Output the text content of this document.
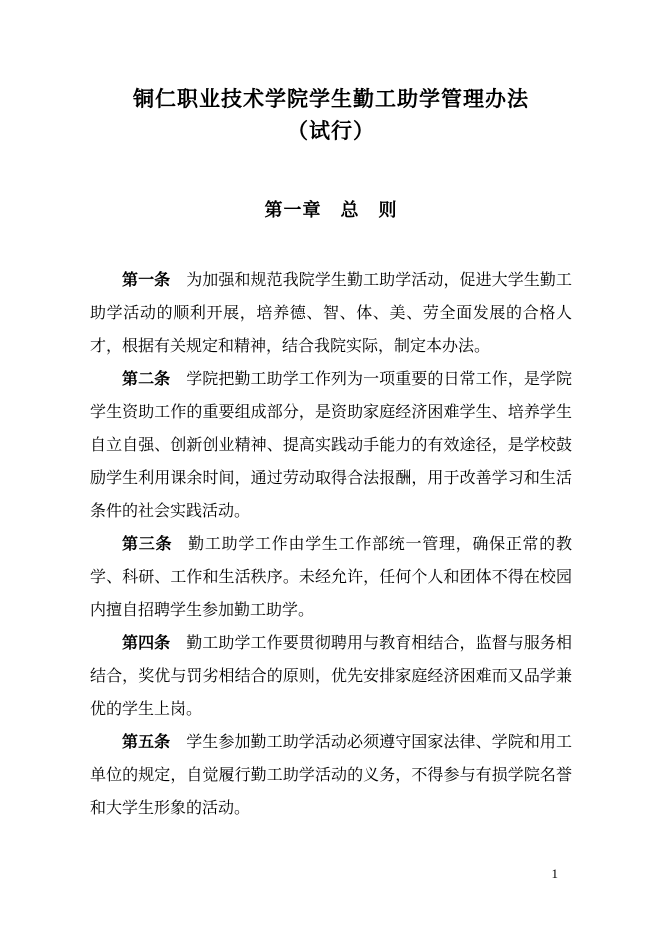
铜仁职业技术学院学生勤工助学管理办法
（试行）
第一章　总　则

第一条 为加强和规范我院学生勤工助学活动，促进大学生勤工助学活动的顺利开展，培养德、智、体、美、劳全面发展的合格人才，根据有关规定和精神，结合我院实际，制定本办法。

第二条 学院把勤工助学工作列为一项重要的日常工作，是学院学生资助工作的重要组成部分，是资助家庭经济困难学生、培养学生自立自强、创新创业精神、提高实践动手能力的有效途径，是学校鼓励学生利用课余时间，通过劳动取得合法报酬，用于改善学习和生活条件的社会实践活动。

第三条 勤工助学工作由学生工作部统一管理，确保正常的教学、科研、工作和生活秩序。未经允许，任何个人和团体不得在校园内擅自招聘学生参加勤工助学。

第四条 勤工助学工作要贯彻聘用与教育相结合，监督与服务相结合，奖优与罚劣相结合的原则，优先安排家庭经济困难而又品学兼优的学生上岗。

第五条 学生参加勤工助学活动必须遵守国家法律、学院和用工单位的规定，自觉履行勤工助学活动的义务，不得参与有损学院名誉和大学生形象的活动。

1
